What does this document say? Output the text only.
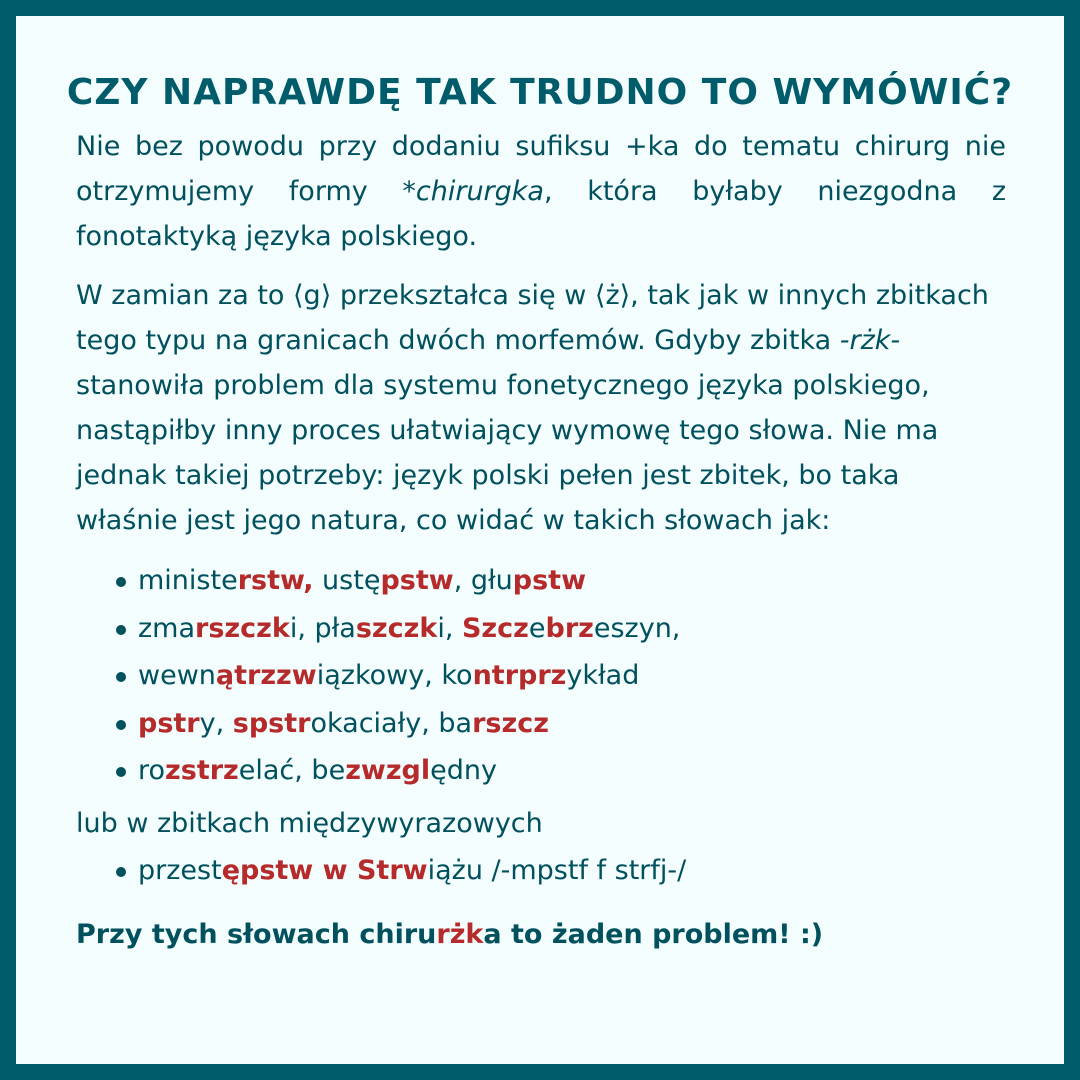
CZY NAPRAWDĘ TAK TRUDNO TO WYMÓWIĆ?

Nie bez powodu przy dodaniu sufiksu +ka do tematu chirurg nie otrzymujemy formy *chirurgka, która byłaby niezgodna z fonotaktyką języka polskiego.

W zamian za to ⟨g⟩ przekształca się w ⟨ż⟩, tak jak w innych zbitkach tego typu na granicach dwóch morfemów. Gdyby zbitka -rżk- stanowiła problem dla systemu fonetycznego języka polskiego, nastąpiłby inny proces ułatwiający wymowę tego słowa. Nie ma jednak takiej potrzeby: język polski pełen jest zbitek, bo taka właśnie jest jego natura, co widać w takich słowach jak:

ministerstw, ustępstw, głupstw
zmarszczki, płaszczki, Szczebrzeszyn,
wewnątrzzwiązkowy, kontrprzykład
pstry, spstrokaciały, barszcz
rozstrzelać, bezwzględny

lub w zbitkach międzywyrazowych

przestępstw w Strwiążu /-mpstf f strfj-/

Przy tych słowach chirurżka to żaden problem! :)
